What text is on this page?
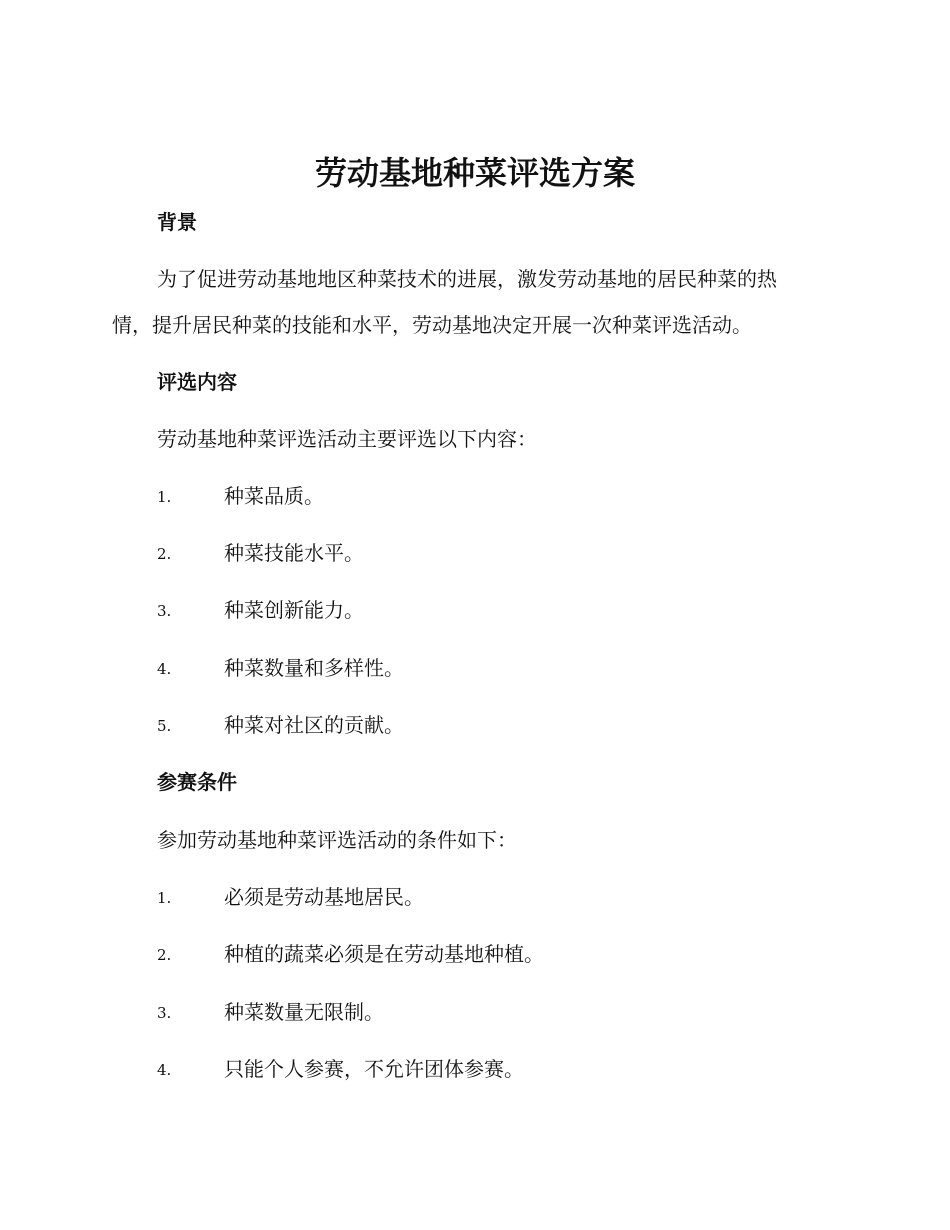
劳动基地种菜评选方案
背景

为了促进劳动基地地区种菜技术的进展，激发劳动基地的居民种菜的热

情，提升居民种菜的技能和水平，劳动基地决定开展一次种菜评选活动。

评选内容

劳动基地种菜评选活动主要评选以下内容：

1.	种菜品质。
2.	种菜技能水平。
3.	种菜创新能力。
4.	种菜数量和多样性。
5.	种菜对社区的贡献。
参赛条件

参加劳动基地种菜评选活动的条件如下：

1.	必须是劳动基地居民。
2.	种植的蔬菜必须是在劳动基地种植。
3.	种菜数量无限制。
4.	只能个人参赛，不允许团体参赛。
